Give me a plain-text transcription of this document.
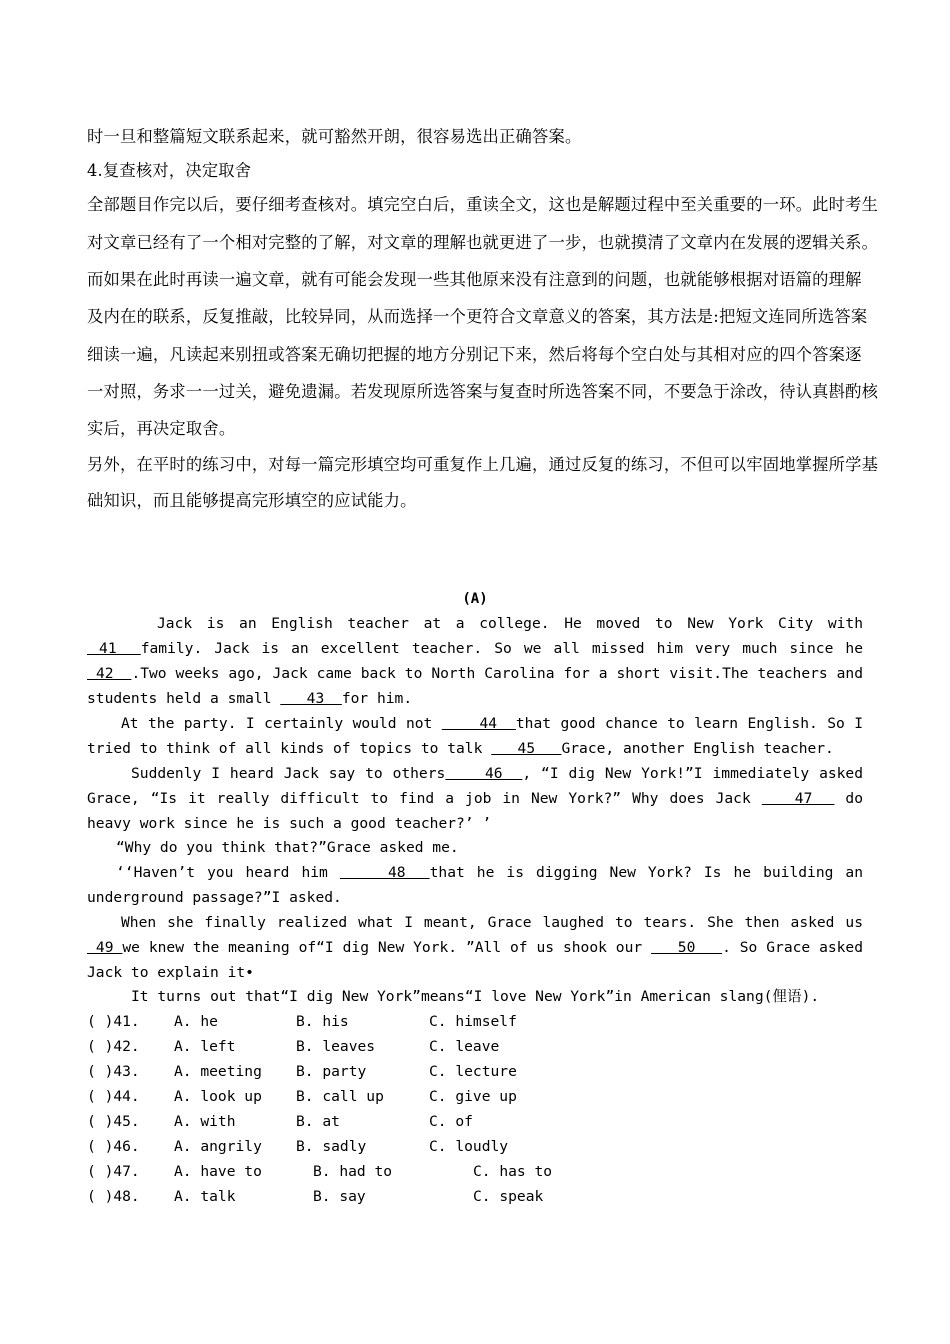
时一旦和整篇短文联系起来，就可豁然开朗，很容易选出正确答案。
4.复查核对，决定取舍
全部题目作完以后，要仔细考查核对。填完空白后，重读全文，这也是解题过程中至关重要的一环。此时考生
对文章已经有了一个相对完整的了解，对文章的理解也就更进了一步，也就摸清了文章内在发展的逻辑关系。
而如果在此时再读一遍文章，就有可能会发现一些其他原来没有注意到的问题，也就能够根据对语篇的理解
及内在的联系，反复推敲，比较异同，从而选择一个更符合文章意义的答案，其方法是:把短文连同所选答案
细读一遍，凡读起来别扭或答案无确切把握的地方分别记下来，然后将每个空白处与其相对应的四个答案逐
一对照，务求一一过关，避免遗漏。若发现原所选答案与复查时所选答案不同，不要急于涂改，待认真斟酌核
实后，再决定取舍。
另外，在平时的练习中，对每一篇完形填空均可重复作上几遍，通过反复的练习，不但可以牢固地掌握所学基
础知识，而且能够提高完形填空的应试能力。
(A)
Jack is an English teacher at a college. He moved to New York City with
41  family. Jack is an excellent teacher. So we all missed him very much since he
42  .Two weeks ago, Jack came back to North Carolina for a short visit.The teachers and
students held a small    43  for him.
At the party. I certainly would not     44  that good chance to learn English. So I
tried to think of all kinds of topics to talk    45   Grace, another English teacher.
Suddenly I heard Jack say to others    46  , “I dig New York!”I immediately asked
Grace, “Is it really difficult to find a job in New York?” Why does Jack    47   do
heavy work since he is such a good teacher?’ ’
“Why do you think that?”Grace asked me.
‘‘Haven’t you heard him     48  that he is digging New York? Is he building an
underground passage?”I asked.
When she finally realized what I meant, Grace laughed to tears. She then asked us
49 we knew the meaning of“I dig New York. ”All of us shook our    50   . So Grace asked
Jack to explain it•
It turns out that“I dig New York”means“I love New York”in American slang(俚语).
( )41. A. he	B. his	C. himself
( )42. A. left	B. leaves	C. leave
( )43. A. meeting B. party	C. lecture
( )44. A. look up B. call up	C. give up
( )45. A. with	B. at	C. of
( )46. A. angrily B. sadly	C. loudly
( )47. A. have to	B. had to	C. has to
( )48. A. talk	B. say	C. speak
